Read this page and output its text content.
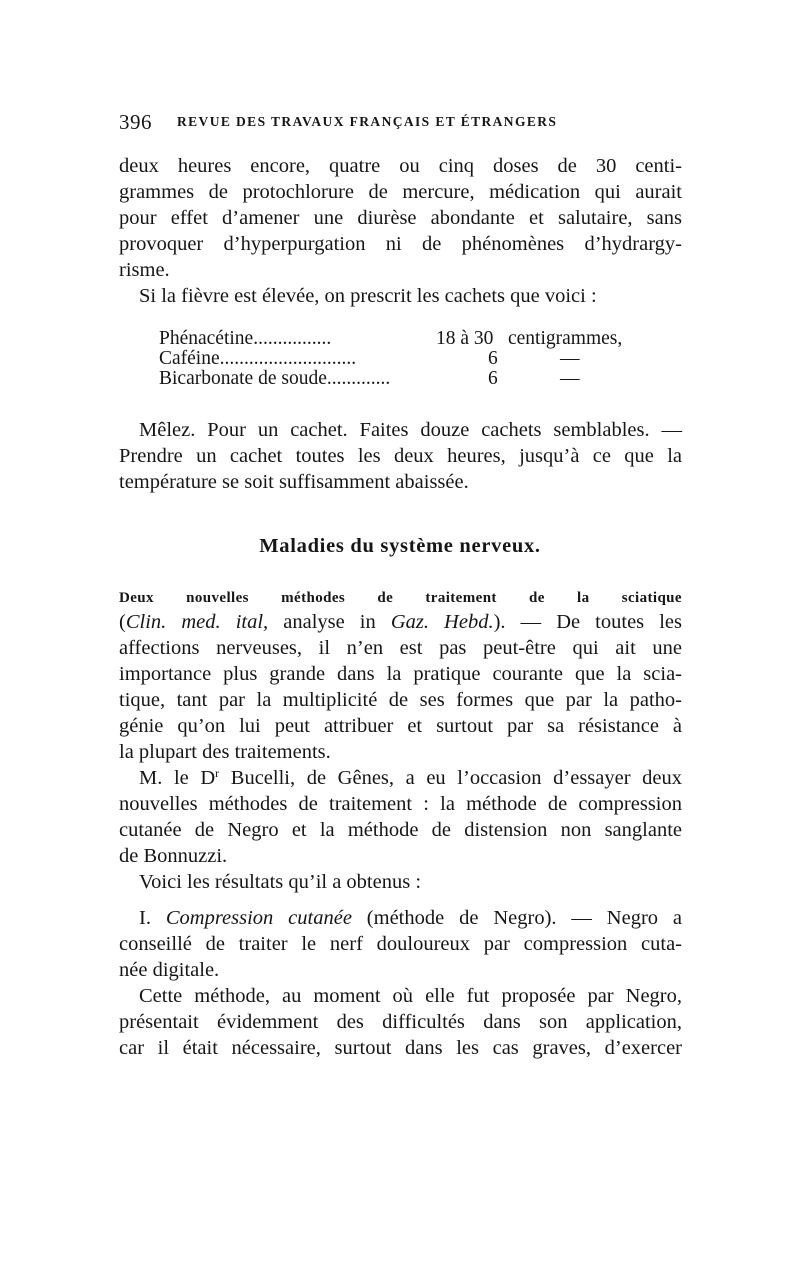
396 REVUE DES TRAVAUX FRANÇAIS ET ÉTRANGERS
deux heures encore, quatre ou cinq doses de 30 centi-
grammes de protochlorure de mercure, médication qui aurait
pour effet d’amener une diurèse abondante et salutaire, sans
provoquer d’hyperpurgation ni de phénomènes d’hydrargy-
risme.
Si la fièvre est élevée, on prescrit les cachets que voici :
Phénacétine................	18 à 30 centigrammes,
Caféine............................	6	—
Bicarbonate de soude.............	6	—
Mêlez. Pour un cachet. Faites douze cachets semblables. —
Prendre un cachet toutes les deux heures, jusqu’à ce que la
température se soit suffisamment abaissée.
Maladies du système nerveux.
Deux nouvelles méthodes de traitement de la sciatique
(Clin. med. ital, analyse in Gaz. Hebd.). — De toutes les
affections nerveuses, il n’en est pas peut-être qui ait une
importance plus grande dans la pratique courante que la scia-
tique, tant par la multiplicité de ses formes que par la patho-
génie qu’on lui peut attribuer et surtout par sa résistance à
la plupart des traitements.
M. le $D^r$ Bucelli, de Gênes, a eu l’occasion d’essayer deux
nouvelles méthodes de traitement : la méthode de compression
cutanée de Negro et la méthode de distension non sanglante
de Bonnuzzi.
Voici les résultats qu’il a obtenus :
I. Compression cutanée (méthode de Negro). — Negro a
conseillé de traiter le nerf douloureux par compression cuta-
née digitale.
Cette méthode, au moment où elle fut proposée par Negro,
présentait évidemment des difficultés dans son application,
car il était nécessaire, surtout dans les cas graves, d’exercer
